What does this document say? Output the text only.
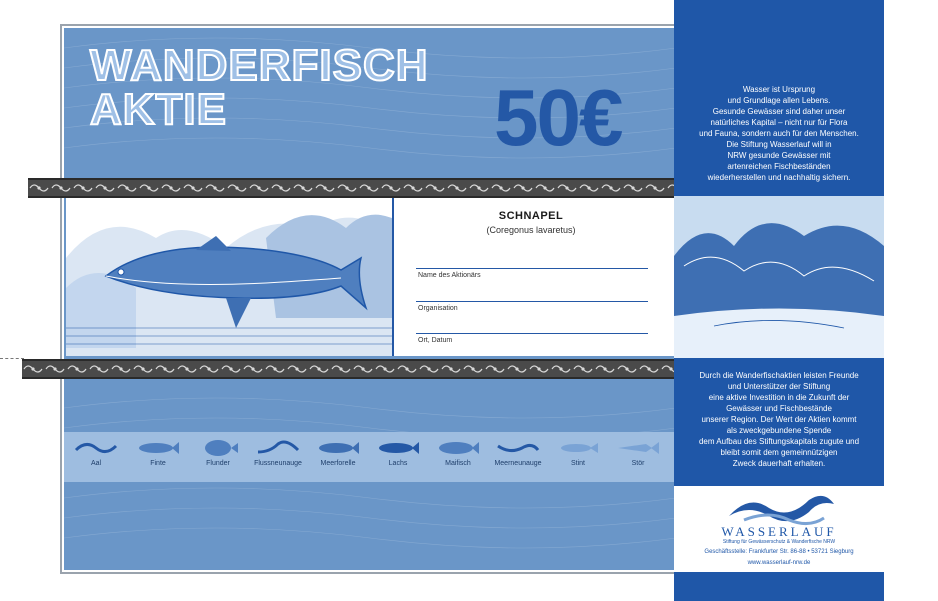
WANDERFISCH
AKTIE	50€
SCHNAPEL
(Coregonus lavaretus)
Name des Aktionärs
Organisation
Ort, Datum
Aal	Finte	Flunder	Flussneunauge	Meerforelle	Lachs	Maifisch	Meerneunauge	Stint	Stör
Wasser ist Ursprung
und Grundlage allen Lebens.
Gesunde Gewässer sind daher unser
natürliches Kapital – nicht nur für Flora
und Fauna, sondern auch für den Menschen.
Die Stiftung Wasserlauf will in
NRW gesunde Gewässer mit
artenreichen Fischbeständen
wiederherstellen und nachhaltig sichern.
Durch die Wanderfischaktien leisten Freunde
und Unterstützer der Stiftung
eine aktive Investition in die Zukunft der
Gewässer und Fischbestände
unserer Region. Der Wert der Aktien kommt
als zweckgebundene Spende
dem Aufbau des Stiftungskapitals zugute und
bleibt somit dem gemeinnützigen
Zweck dauerhaft erhalten.
WASSERLAUF
Stiftung für Gewässerschutz & Wanderfische NRW
Geschäftsstelle: Frankfurter Str. 86-88 • 53721 Siegburg
www.wasserlauf-nrw.de
